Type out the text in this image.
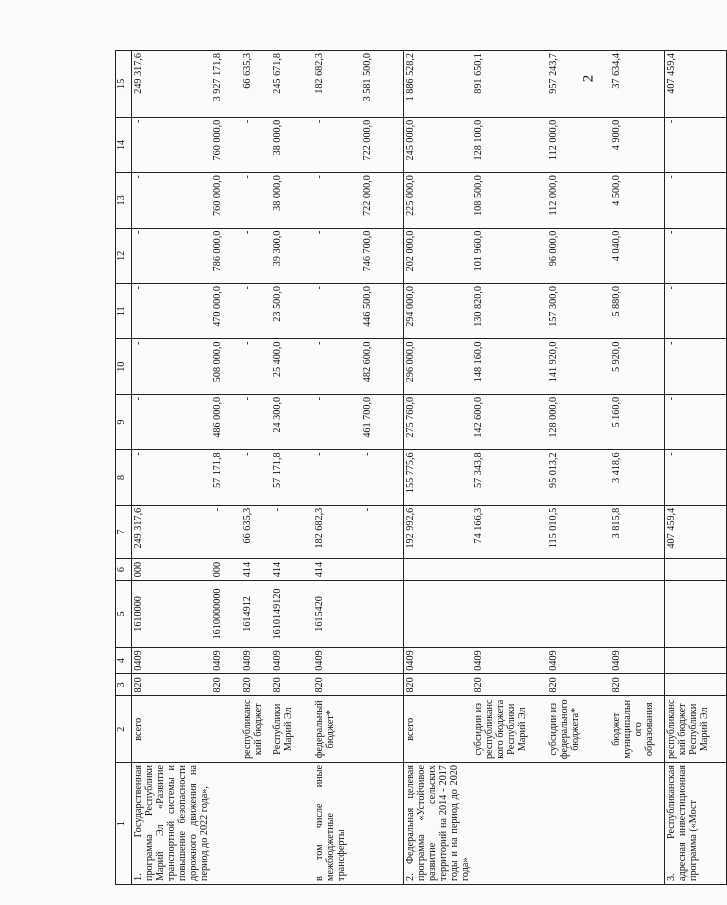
2
1	2	3	4	5	6	7	8	9	10	11	12	13	14	15
1. Государственная программа Республики Марий Эл «Развитие транспортной системы и повышение безопасности дорожного движения на период до 2022 года»,	всего	820	0409	1610000	000	249 317,6	-	-	-	-	-	-	-	249 317,6
		820	0409	1610000000	000	-	57 171,8	486 000,0	508 000,0	470 000,0	786 000,0	760 000,0	760 000,0	3 927 171,8
	республиканский бюджет	820	0409	1614912	414	66 635,3	-	-	-	-	-	-	-	66 635,3
	Республики Марий Эл	820	0409	1610149120	414	-	57 171,8	24 300,0	25 400,0	23 500,0	39 300,0	38 000,0	38 000,0	245 671,8
в том числе иные межбюджетные трансферты	федеральный бюджет*	820	0409	1615420	414	182 682,3	-	-	-	-	-	-	-	182 682,3
						-	-	461 700,0	482 600,0	446 500,0	746 700,0	722 000,0	722 000,0	3 581 500,0
2. Федеральная целевая программа «Устойчивое развитие сельских территорий на 2014 - 2017 годы и на период до 2020 года»	всего	820	0409			192 992,6	155 775,6	275 760,0	296 000,0	294 000,0	202 000,0	225 000,0	245 000,0	1 886 528,2
	субсидии из республиканского бюджета Республики Марий Эл	820	0409			74 166,3	57 343,8	142 600,0	148 160,0	130 820,0	101 960,0	108 500,0	128 100,0	891 650,1
	субсидии из федерального бюджета*	820	0409			115 010,5	95 013,2	128 000,0	141 920,0	157 300,0	96 000,0	112 000,0	112 000,0	957 243,7
	бюджет муниципального образования	820	0409			3 815,8	3 418,6	5 160,0	5 920,0	5 880,0	4 040,0	4 500,0	4 900,0	37 634,4
3. Республиканская адресная инвестиционная программа («Мост	республиканский бюджет Республики Марий Эл					407 459,4	-	-	-	-	-	-	-	407 459,4
